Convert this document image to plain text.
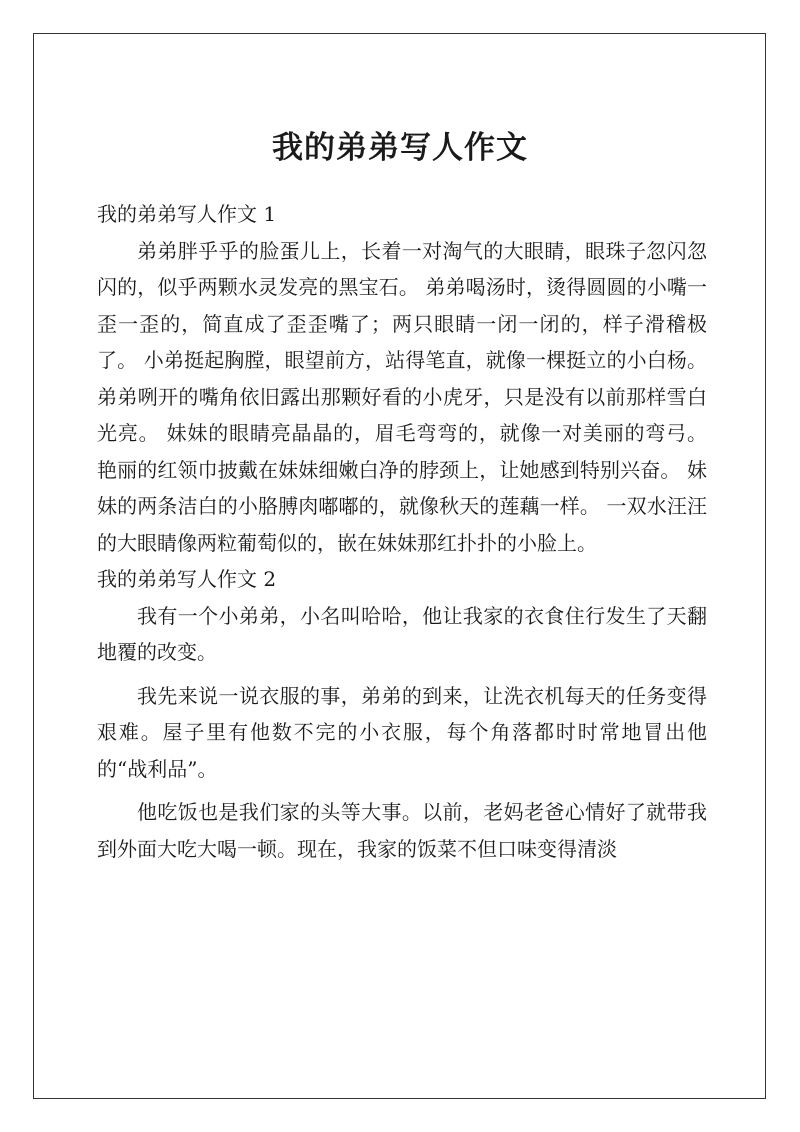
我的弟弟写人作文

我的弟弟写人作文 1

弟弟胖乎乎的脸蛋儿上，长着一对淘气的大眼睛，眼珠子忽闪忽闪的，似乎两颗水灵发亮的黑宝石。 弟弟喝汤时，烫得圆圆的小嘴一歪一歪的，简直成了歪歪嘴了；两只眼睛一闭一闭的，样子滑稽极了。 小弟挺起胸膛，眼望前方，站得笔直，就像一棵挺立的小白杨。 弟弟咧开的嘴角依旧露出那颗好看的小虎牙，只是没有以前那样雪白光亮。 妹妹的眼睛亮晶晶的，眉毛弯弯的，就像一对美丽的弯弓。 艳丽的红领巾披戴在妹妹细嫩白净的脖颈上，让她感到特别兴奋。 妹妹的两条洁白的小胳膊肉嘟嘟的，就像秋天的莲藕一样。 一双水汪汪的大眼睛像两粒葡萄似的，嵌在妹妹那红扑扑的小脸上。

我的弟弟写人作文 2

我有一个小弟弟，小名叫哈哈，他让我家的衣食住行发生了天翻地覆的改变。

我先来说一说衣服的事，弟弟的到来，让洗衣机每天的任务变得艰难。屋子里有他数不完的小衣服，每个角落都时时常地冒出他的“战利品”。

他吃饭也是我们家的头等大事。以前，老妈老爸心情好了就带我到外面大吃大喝一顿。现在，我家的饭菜不但口味变得清淡
